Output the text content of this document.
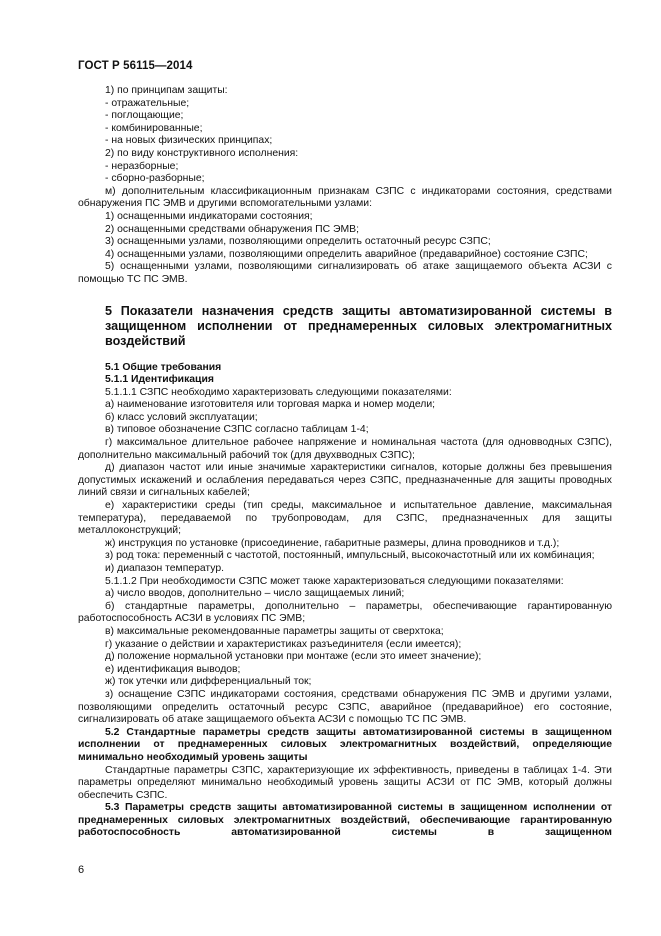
ГОСТ Р 56115—2014

1) по принципам защиты:

- отражательные;

- поглощающие;

- комбинированные;

- на новых физических принципах;

2) по виду конструктивного исполнения:

- неразборные;

- сборно-разборные;

м) дополнительным классификационным признакам СЗПС с индикаторами состояния, средствами обнаружения ПС ЭМВ и другими вспомогательными узлами:

1) оснащенными индикаторами состояния;

2) оснащенными средствами обнаружения ПС ЭМВ;

3) оснащенными узлами, позволяющими определить остаточный ресурс СЗПС;

4) оснащенными узлами, позволяющими определить аварийное (предаварийное) состояние СЗПС;

5) оснащенными узлами, позволяющими сигнализировать об атаке защищаемого объекта АСЗИ с помощью ТС ПС ЭМВ.

5 Показатели назначения средств защиты автоматизированной системы в защищенном исполнении от преднамеренных силовых электромагнитных воздействий

5.1 Общие требования

5.1.1 Идентификация

5.1.1.1 СЗПС необходимо характеризовать следующими показателями:

а) наименование изготовителя или торговая марка и номер модели;

б) класс условий эксплуатации;

в) типовое обозначение СЗПС согласно таблицам 1-4;

г) максимальное длительное рабочее напряжение и номинальная частота (для одновводных СЗПС), дополнительно максимальный рабочий ток (для двухвводных СЗПС);

д) диапазон частот или иные значимые характеристики сигналов, которые должны без превышения допустимых искажений и ослабления передаваться через СЗПС, предназначенные для защиты проводных линий связи и сигнальных кабелей;

е) характеристики среды (тип среды, максимальное и испытательное давление, максимальная температура), передаваемой по трубопроводам, для СЗПС, предназначенных для защиты металлоконструкций;

ж) инструкция по установке (присоединение, габаритные размеры, длина проводников и т.д.);

з) род тока: переменный с частотой, постоянный, импульсный, высокочастотный или их комбинация;

и) диапазон температур.

5.1.1.2 При необходимости СЗПС может также характеризоваться следующими показателями:

а) число вводов, дополнительно – число защищаемых линий;

б) стандартные параметры, дополнительно – параметры, обеспечивающие гарантированную работоспособность АСЗИ в условиях ПС ЭМВ;

в) максимальные рекомендованные параметры защиты от сверхтока;

г) указание о действии и характеристиках разъединителя (если имеется);

д) положение нормальной установки при монтаже (если это имеет значение);

е) идентификация выводов;

ж) ток утечки или дифференциальный ток;

з) оснащение СЗПС индикаторами состояния, средствами обнаружения ПС ЭМВ и другими узлами, позволяющими определить остаточный ресурс СЗПС, аварийное (предаварийное) его состояние, сигнализировать об атаке защищаемого объекта АСЗИ с помощью ТС ПС ЭМВ.

5.2 Стандартные параметры средств защиты автоматизированной системы в защищенном исполнении от преднамеренных силовых электромагнитных воздействий, определяющие минимально необходимый уровень защиты

Стандартные параметры СЗПС, характеризующие их эффективность, приведены в таблицах 1-4. Эти параметры определяют минимально необходимый уровень защиты АСЗИ от ПС ЭМВ, который должны обеспечить СЗПС.

5.3 Параметры средств защиты автоматизированной системы в защищенном исполнении от преднамеренных силовых электромагнитных воздействий, обеспечивающие гарантированную работоспособность автоматизированной системы в защищенном

6
